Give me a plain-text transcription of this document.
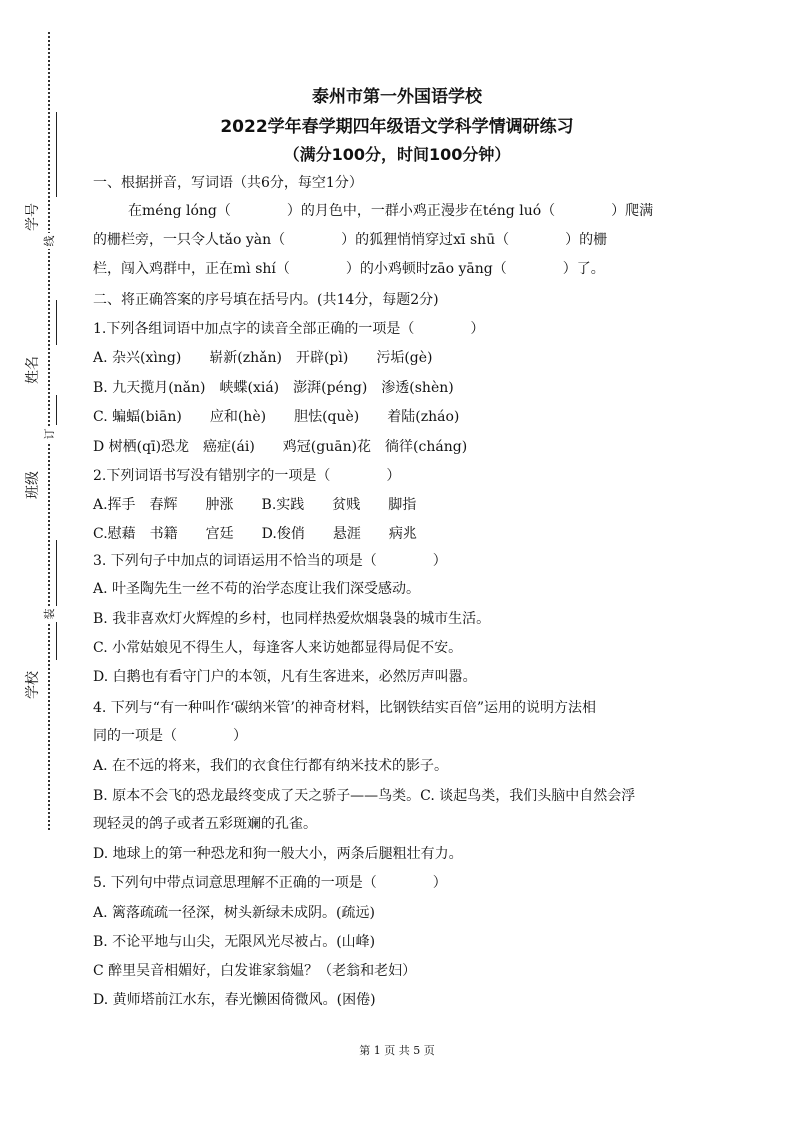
学号
姓名
班级
学校
线
订
装
泰州市第一外国语学校
2022学年春学期四年级语文学科学情调研练习
（满分100分，时间100分钟）
一、根据拼音，写词语（共6分，每空1分）
在méng lóng（　　　　）的月色中，一群小鸡正漫步在téng luó（　　　　）爬满
的栅栏旁，一只令人tǎo yàn（　　　　）的狐狸悄悄穿过xī shū（　　　　）的栅
栏，闯入鸡群中，正在mì shí（　　　　）的小鸡顿时zāo yāng（　　　　）了。
二、将正确答案的序号填在括号内。(共14分，每题2分)
1.下列各组词语中加点字的读音全部正确的一项是（　　　　）
A. 杂兴(xìng)　　崭新(zhǎn)　开辟(pì)　　污垢(gè)
B. 九天揽月(nǎn)　峡蝶(xiá)　澎湃(péng)　渗透(shèn)
C. 蝙蝠(biān)　　应和(hè)　　胆怯(què)　　着陆(zháo)
D 树栖(qī)恐龙　癌症(ái)　　鸡冠(guān)花　徜徉(cháng)
2.下列词语书写没有错别字的一项是（　　　　）
A.挥手　春辉　　肿涨　　B.实践　　贫贱　　脚指
C.慰藉　书籍　　宫廷　　D.俊俏　　悬涯　　病兆
3. 下列句子中加点的词语运用不恰当的项是（　　　　）
A. 叶圣陶先生一丝不苟的治学态度让我们深受感动。
B. 我非喜欢灯火辉煌的乡村，也同样热爱炊烟袅袅的城市生活。
C. 小常姑娘见不得生人，每逢客人来访她都显得局促不安。
D. 白鹅也有看守门户的本领，凡有生客进来，必然厉声叫嚣。
4. 下列与“有一种叫作‘碳纳米管’的神奇材料，比钢铁结实百倍”运用的说明方法相
同的一项是（　　　　）
A. 在不远的将来，我们的衣食住行都有纳米技术的影子。
B. 原本不会飞的恐龙最终变成了天之骄子——鸟类。C. 谈起鸟类，我们头脑中自然会浮
现轻灵的鸽子或者五彩斑斓的孔雀。
D. 地球上的第一种恐龙和狗一般大小，两条后腿粗壮有力。
5. 下列句中带点词意思理解不正确的一项是（　　　　）
A. 篱落疏疏一径深，树头新绿未成阴。(疏远)
B. 不论平地与山尖，无限风光尽被占。(山峰)
C 醉里吴音相媚好，白发谁家翁媪？（老翁和老妇）
D. 黄师塔前江水东，春光懒困倚微风。(困倦)
第 1 页 共 5 页
